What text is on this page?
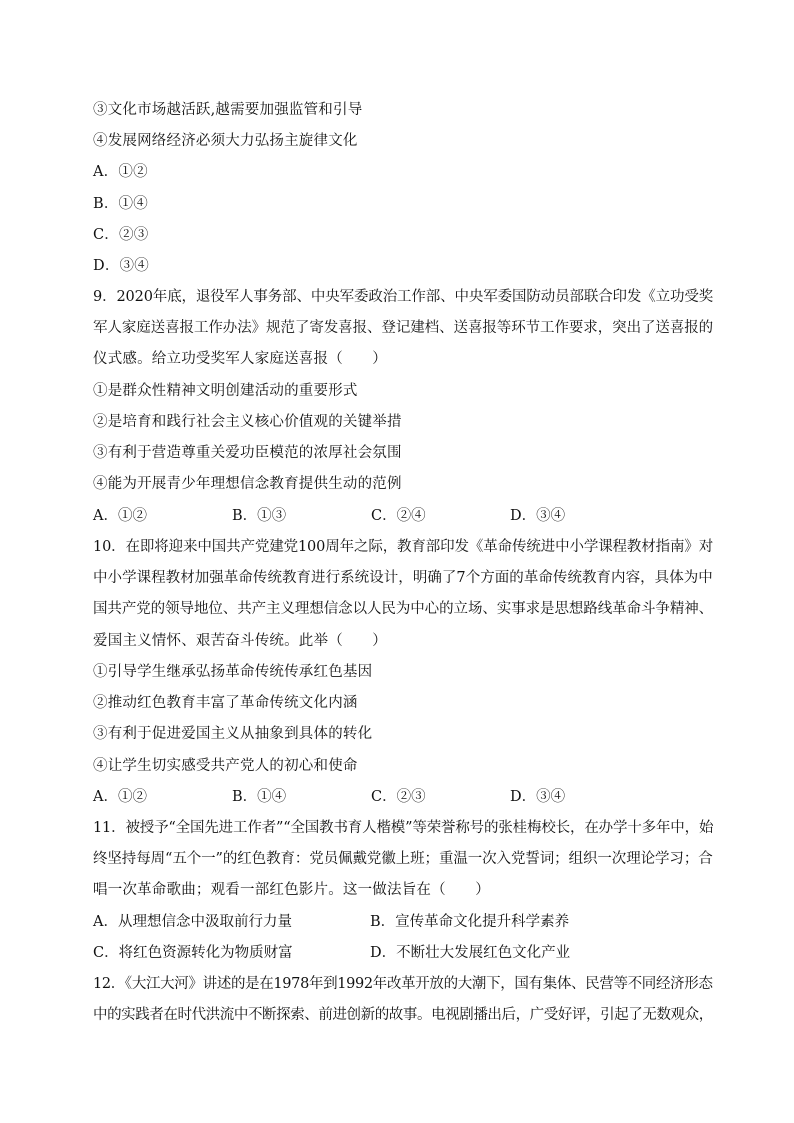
③文化市场越活跃,越需要加强监管和引导
④发展网络经济必须大力弘扬主旋律文化
A．①②
B．①④
C．②③
D．③④
9．2020年底，退役军人事务部、中央军委政治工作部、中央军委国防动员部联合印发《立功受奖
军人家庭送喜报工作办法》规范了寄发喜报、登记建档、送喜报等环节工作要求，突出了送喜报的
仪式感。给立功受奖军人家庭送喜报（　　）
①是群众性精神文明创建活动的重要形式
②是培育和践行社会主义核心价值观的关键举措
③有利于营造尊重关爱功臣模范的浓厚社会氛围
④能为开展青少年理想信念教育提供生动的范例
A．①②	B．①③	C．②④	D．③④
10．在即将迎来中国共产党建党100周年之际，教育部印发《革命传统进中小学课程教材指南》对
中小学课程教材加强革命传统教育进行系统设计，明确了7个方面的革命传统教育内容，具体为中
国共产党的领导地位、共产主义理想信念以人民为中心的立场、实事求是思想路线革命斗争精神、
爱国主义情怀、艰苦奋斗传统。此举（　　）
①引导学生继承弘扬革命传统传承红色基因
②推动红色教育丰富了革命传统文化内涵
③有利于促进爱国主义从抽象到具体的转化
④让学生切实感受共产党人的初心和使命
A．①②	B．①④	C．②③	D．③④
11．被授予“全国先进工作者”“全国教书育人楷模”等荣誉称号的张桂梅校长，在办学十多年中，始
终坚持每周“五个一”的红色教育：党员佩戴党徽上班；重温一次入党誓词；组织一次理论学习；合
唱一次革命歌曲；观看一部红色影片。这一做法旨在（　　）
A．从理想信念中汲取前行力量	B．宣传革命文化提升科学素养
C．将红色资源转化为物质财富	D．不断壮大发展红色文化产业
12．《大江大河》讲述的是在1978年到1992年改革开放的大潮下，国有集体、民营等不同经济形态
中的实践者在时代洪流中不断探索、前进创新的故事。电视剧播出后，广受好评，引起了无数观众，
